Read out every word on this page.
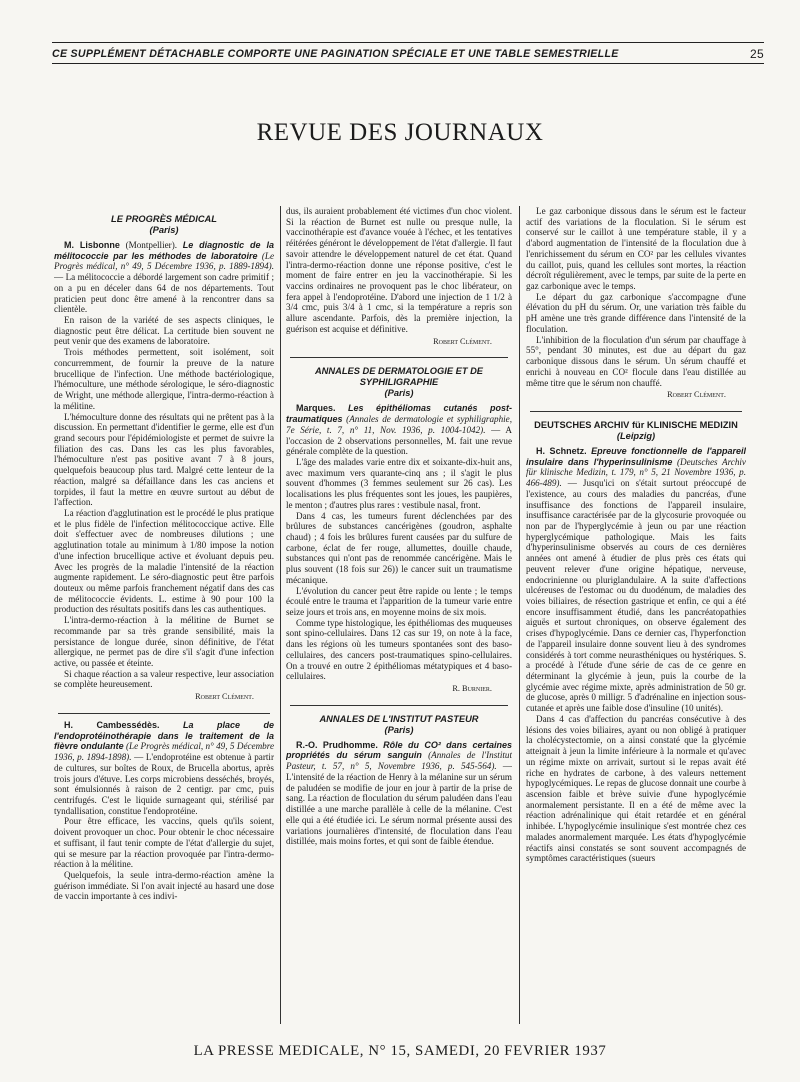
CE SUPPLÉMENT DÉTACHABLE COMPORTE UNE PAGINATION SPÉCIALE ET UNE TABLE SEMESTRIELLE	25
REVUE DES JOURNAUX

LE PROGRÈS MÉDICAL

(Paris)

M. Lisbonne (Montpellier). Le diagnostic de la mélitococcie par les méthodes de laboratoire (Le Progrès médical, n° 49, 5 Décembre 1936, p. 1889-1894). — La mélitococcie a débordé largement son cadre primitif ; on a pu en déceler dans 64 de nos départements. Tout praticien peut donc être amené à la rencontrer dans sa clientèle.

En raison de la variété de ses aspects cliniques, le diagnostic peut être délicat. La certitude bien souvent ne peut venir que des examens de laboratoire.

Trois méthodes permettent, soit isolément, soit concurremment, de fournir la preuve de la nature brucellique de l'infection. Une méthode bactériologique, l'hémoculture, une méthode sérologique, le séro-diagnostic de Wright, une méthode allergique, l'intra-dermo-réaction à la mélitine.

L'hémoculture donne des résultats qui ne prêtent pas à la discussion. En permettant d'identifier le germe, elle est d'un grand secours pour l'épidémiologiste et permet de suivre la filiation des cas. Dans les cas les plus favorables, l'hémoculture n'est pas positive avant 7 à 8 jours, quelquefois beaucoup plus tard. Malgré cette lenteur de la réaction, malgré sa défaillance dans les cas anciens et torpides, il faut la mettre en œuvre surtout au début de l'affection.

La réaction d'agglutination est le procédé le plus pratique et le plus fidèle de l'infection mélitococcique active. Elle doit s'effectuer avec de nombreuses dilutions ; une agglutination totale au minimum à 1/80 impose la notion d'une infection brucellique active et évoluant depuis peu. Avec les progrès de la maladie l'intensité de la réaction augmente rapidement. Le séro-diagnostic peut être parfois douteux ou même parfois franchement négatif dans des cas de mélitococcie évidents. L. estime à 90 pour 100 la production des résultats positifs dans les cas authentiques.

L'intra-dermo-réaction à la mélitine de Burnet se recommande par sa très grande sensibilité, mais la persistance de longue durée, sinon définitive, de l'état allergique, ne permet pas de dire s'il s'agit d'une infection active, ou passée et éteinte.

Si chaque réaction a sa valeur respective, leur association se complète heureusement.

Robert Clément.

H. Cambessédès. La place de l'endoprotéinothérapie dans le traitement de la fièvre ondulante (Le Progrès médical, n° 49, 5 Décembre 1936, p. 1894-1898). — L'endoprotéine est obtenue à partir de cultures, sur boîtes de Roux, de Brucella abortus, après trois jours d'étuve. Les corps microbiens desséchés, broyés, sont émulsionnés à raison de 2 centigr. par cmc, puis centrifugés. C'est le liquide surnageant qui, stérilisé par tyndallisation, constitue l'endoprotéine.

Pour être efficace, les vaccins, quels qu'ils soient, doivent provoquer un choc. Pour obtenir le choc nécessaire et suffisant, il faut tenir compte de l'état d'allergie du sujet, qui se mesure par la réaction provoquée par l'intra-dermo-réaction à la mélitine.

Quelquefois, la seule intra-dermo-réaction amène la guérison immédiate. Si l'on avait injecté au hasard une dose de vaccin importante à ces indivi-

dus, ils auraient probablement été victimes d'un choc violent. Si la réaction de Burnet est nulle ou presque nulle, la vaccinothérapie est d'avance vouée à l'échec, et les tentatives réitérées généront le développement de l'état d'allergie. Il faut savoir attendre le développement naturel de cet état. Quand l'intra-dermo-réaction donne une réponse positive, c'est le moment de faire entrer en jeu la vaccinothérapie. Si les vaccins ordinaires ne provoquent pas le choc libérateur, on fera appel à l'endoprotéine. D'abord une injection de 1 1/2 à 3/4 cmc, puis 3/4 à 1 cmc, si la température a repris son allure ascendante. Parfois, dès la première injection, la guérison est acquise et définitive.

Robert Clément.

ANNALES DE DERMATOLOGIE ET DE SYPHILIGRAPHIE

(Paris)

Marques. Les épithéliomas cutanés post-traumatiques (Annales de dermatologie et syphiligraphie, 7e Série, t. 7, n° 11, Nov. 1936, p. 1004-1042). — A l'occasion de 2 observations personnelles, M. fait une revue générale complète de la question.

L'âge des malades varie entre dix et soixante-dix-huit ans, avec maximum vers quarante-cinq ans ; il s'agit le plus souvent d'hommes (3 femmes seulement sur 26 cas). Les localisations les plus fréquentes sont les joues, les paupières, le menton ; d'autres plus rares : vestibule nasal, front.

Dans 4 cas, les tumeurs furent déclenchées par des brûlures de substances cancérigènes (goudron, asphalte chaud) ; 4 fois les brûlures furent causées par du sulfure de carbone, éclat de fer rouge, allumettes, douille chaude, substances qui n'ont pas de renommée cancérigène. Mais le plus souvent (18 fois sur 26)) le cancer suit un traumatisme mécanique.

L'évolution du cancer peut être rapide ou lente ; le temps écoulé entre le trauma et l'apparition de la tumeur varie entre seize jours et trois ans, en moyenne moins de six mois.

Comme type histologique, les épithéliomas des muqueuses sont spino-cellulaires. Dans 12 cas sur 19, on note à la face, dans les régions où les tumeurs spontanées sont des baso-cellulaires, des cancers post-traumatiques spino-cellulaires. On a trouvé en outre 2 épithéliomas métatypiques et 4 baso-cellulaires.

R. Burnier.

ANNALES DE L'INSTITUT PASTEUR

(Paris)

R.-O. Prudhomme. Rôle du CO² dans certaines propriétés du sérum sanguin (Annales de l'Institut Pasteur, t. 57, n° 5, Novembre 1936, p. 545-564). — L'intensité de la réaction de Henry à la mélanine sur un sérum de paludéen se modifie de jour en jour à partir de la prise de sang. La réaction de floculation du sérum paludéen dans l'eau distillée a une marche parallèle à celle de la mélanine. C'est elle qui a été étudiée ici. Le sérum normal présente aussi des variations journalières d'intensité, de floculation dans l'eau distillée, mais moins fortes, et qui sont de faible étendue.

Le gaz carbonique dissous dans le sérum est le facteur actif des variations de la floculation. Si le sérum est conservé sur le caillot à une température stable, il y a d'abord augmentation de l'intensité de la floculation due à l'enrichissement du sérum en CO² par les cellules vivantes du caillot, puis, quand les cellules sont mortes, la réaction décroît régulièrement, avec le temps, par suite de la perte en gaz carbonique avec le temps.

Le départ du gaz carbonique s'accompagne d'une élévation du pH du sérum. Or, une variation très faible du pH amène une très grande différence dans l'intensité de la floculation.

L'inhibition de la floculation d'un sérum par chauffage à 55°, pendant 30 minutes, est due au départ du gaz carbonique dissous dans le sérum. Un sérum chauffé et enrichi à nouveau en CO² flocule dans l'eau distillée au même titre que le sérum non chauffé.

Robert Clément.

DEUTSCHES ARCHIV für KLINISCHE MEDIZIN

(Leipzig)

H. Schnetz. Epreuve fonctionnelle de l'appareil insulaire dans l'hyperinsulinisme (Deutsches Archiv für klinische Medizin, t. 179, n° 5, 21 Novembre 1936, p. 466-489). — Jusqu'ici on s'était surtout préoccupé de l'existence, au cours des maladies du pancréas, d'une insuffisance des fonctions de l'appareil insulaire, insuffisance caractérisée par de la glycosurie provoquée ou non par de l'hyperglycémie à jeun ou par une réaction hyperglycémique pathologique. Mais les faits d'hyperinsulinisme observés au cours de ces dernières années ont amené à étudier de plus près ces états qui peuvent relever d'une origine hépatique, nerveuse, endocrinienne ou pluriglandulaire. A la suite d'affections ulcéreuses de l'estomac ou du duodénum, de maladies des voies biliaires, de résection gastrique et enfin, ce qui a été encore insuffisamment étudié, dans les pancréatopathies aiguës et surtout chroniques, on observe également des crises d'hypoglycémie. Dans ce dernier cas, l'hyperfonction de l'appareil insulaire donne souvent lieu à des syndromes considérés à tort comme neurasthéniques ou hystériques. S. a procédé à l'étude d'une série de cas de ce genre en déterminant la glycémie à jeun, puis la courbe de la glycémie avec régime mixte, après administration de 50 gr. de glucose, après 0 milligr. 5 d'adrénaline en injection sous-cutanée et après une faible dose d'insuline (10 unités).

Dans 4 cas d'affection du pancréas consécutive à des lésions des voies biliaires, ayant ou non obligé à pratiquer la cholécystectomie, on a ainsi constaté que la glycémie atteignait à jeun la limite inférieure à la normale et qu'avec un régime mixte on arrivait, surtout si le repas avait été riche en hydrates de carbone, à des valeurs nettement hypoglycémiques. Le repas de glucose donnait une courbe à ascension faible et brève suivie d'une hypoglycémie anormalement persistante. Il en a été de même avec la réaction adrénalinique qui était retardée et en général inhibée. L'hypoglycémie insulinique s'est montrée chez ces malades anormalement marquée. Les états d'hypoglycémie réactifs ainsi constatés se sont souvent accompagnés de symptômes caractéristiques (sueurs

LA PRESSE MEDICALE, N° 15, SAMEDI, 20 FEVRIER 1937
